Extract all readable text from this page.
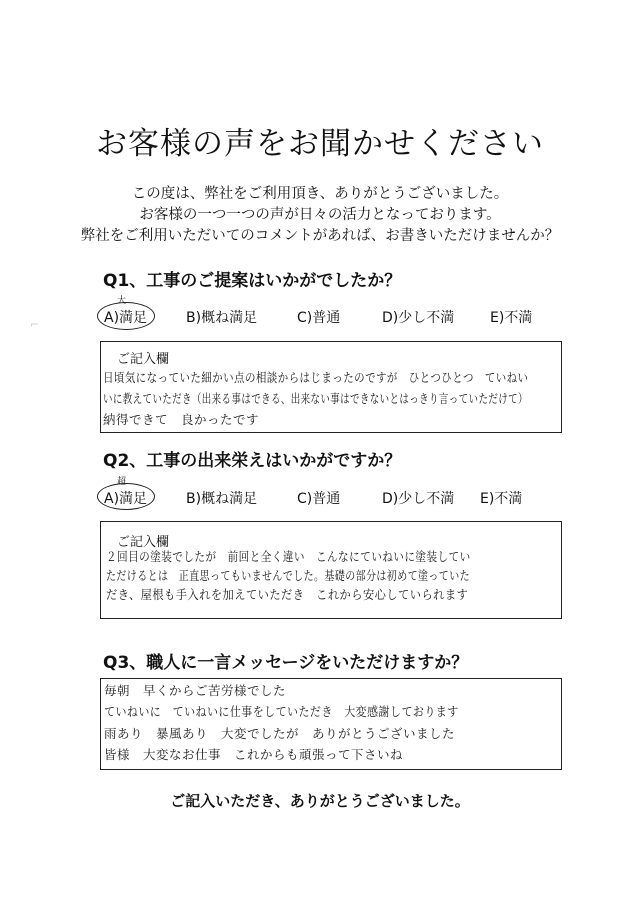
⌐
お客様の声をお聞かせください
この度は、弊社をご利用頂き、ありがとうございました。
お客様の一つ一つの声が日々の活力となっております。
弊社をご利用いただいてのコメントがあれば、お書きいただけませんか？
Q1、工事のご提案はいかがでしたか？
大
A)満足	B)概ね満足	C)普通	D)少し不満	E)不満
ご記入欄
日頃気になっていた細かい点の相談からはじまったのですが　ひとつひとつ　ていねい
いに教えていただき（出来る事はできる、出来ない事はできないとはっきり言っていただけて）
納得できて　良かったです
Q2、工事の出来栄えはいかがですか？
超
A)満足	B)概ね満足	C)普通	D)少し不満 E)不満
ご記入欄
２回目の塗装でしたが　前回と全く違い　こんなにていねいに塗装してい
ただけるとは　正直思ってもいませんでした。基礎の部分は初めて塗っていた
だき、屋根も手入れを加えていただき　これから安心していられます
Q3、職人に一言メッセージをいただけますか？
毎朝　早くからご苦労様でした
ていねいに　ていねいに仕事をしていただき　大変感謝しております
雨あり　暴風あり　大変でしたが　ありがとうございました
皆様　大変なお仕事　これからも頑張って下さいね
ご記入いただき、ありがとうございました。
